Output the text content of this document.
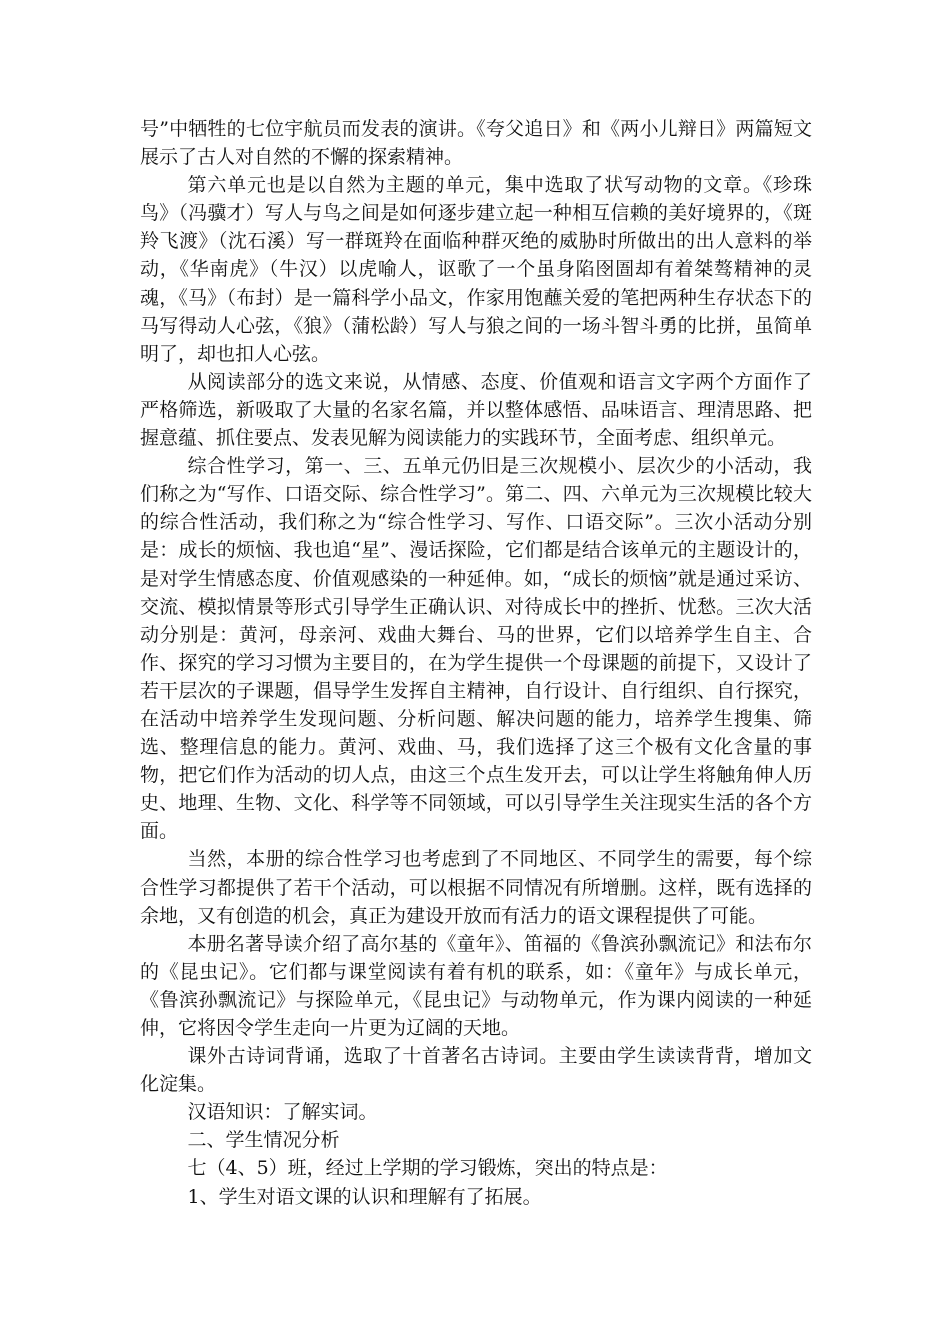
号”中牺牲的七位宇航员而发表的演讲。《夸父追日》和《两小儿辩日》两篇短文展示了古人对自然的不懈的探索精神。

第六单元也是以自然为主题的单元，集中选取了状写动物的文章。《珍珠鸟》（冯骥才）写人与鸟之间是如何逐步建立起一种相互信赖的美好境界的，《斑羚飞渡》（沈石溪）写一群斑羚在面临种群灭绝的威胁时所做出的出人意料的举动，《华南虎》（牛汉）以虎喻人，讴歌了一个虽身陷囹圄却有着桀骜精神的灵魂，《马》（布封）是一篇科学小品文，作家用饱蘸关爱的笔把两种生存状态下的马写得动人心弦，《狼》（蒲松龄）写人与狼之间的一场斗智斗勇的比拼，虽简单明了，却也扣人心弦。

从阅读部分的选文来说，从情感、态度、价值观和语言文字两个方面作了严格筛选，新吸取了大量的名家名篇，并以整体感悟、品味语言、理清思路、把握意蕴、抓住要点、发表见解为阅读能力的实践环节，全面考虑、组织单元。

综合性学习，第一、三、五单元仍旧是三次规模小、层次少的小活动，我们称之为“写作、口语交际、综合性学习”。第二、四、六单元为三次规模比较大的综合性活动，我们称之为“综合性学习、写作、口语交际”。三次小活动分别是：成长的烦恼、我也追“星”、漫话探险，它们都是结合该单元的主题设计的，是对学生情感态度、价值观感染的一种延伸。如，“成长的烦恼”就是通过采访、交流、模拟情景等形式引导学生正确认识、对待成长中的挫折、忧愁。三次大活动分别是：黄河，母亲河、戏曲大舞台、马的世界，它们以培养学生自主、合作、探究的学习习惯为主要目的，在为学生提供一个母课题的前提下，又设计了若干层次的子课题，倡导学生发挥自主精神，自行设计、自行组织、自行探究，在活动中培养学生发现问题、分析问题、解决问题的能力，培养学生搜集、筛选、整理信息的能力。黄河、戏曲、马，我们选择了这三个极有文化含量的事物，把它们作为活动的切人点，由这三个点生发开去，可以让学生将触角伸人历史、地理、生物、文化、科学等不同领域，可以引导学生关注现实生活的各个方面。

当然，本册的综合性学习也考虑到了不同地区、不同学生的需要，每个综合性学习都提供了若干个活动，可以根据不同情况有所增删。这样，既有选择的余地，又有创造的机会，真正为建设开放而有活力的语文课程提供了可能。

本册名著导读介绍了高尔基的《童年》、笛福的《鲁滨孙飘流记》和法布尔的《昆虫记》。它们都与课堂阅读有着有机的联系，如：《童年》与成长单元，《鲁滨孙飘流记》与探险单元，《昆虫记》与动物单元，作为课内阅读的一种延伸，它将因令学生走向一片更为辽阔的天地。

课外古诗词背诵，选取了十首著名古诗词。主要由学生读读背背，增加文化淀集。

汉语知识：了解实词。

二、学生情况分析

七（4、5）班，经过上学期的学习锻炼，突出的特点是：

1、学生对语文课的认识和理解有了拓展。
